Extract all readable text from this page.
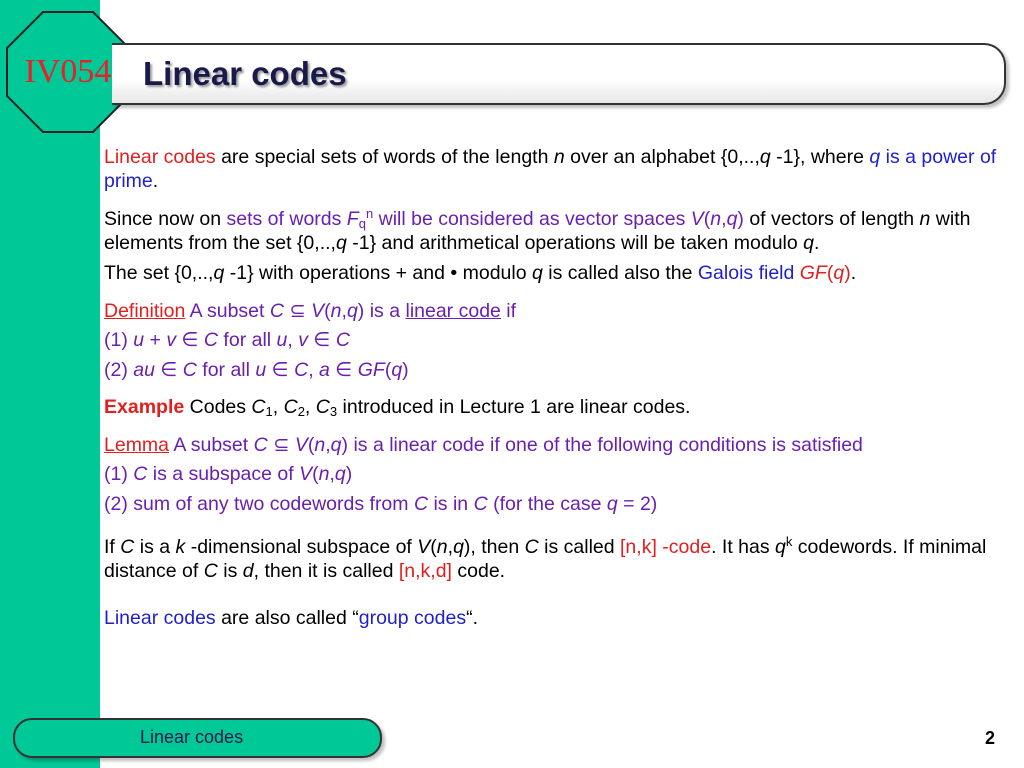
IV054 Linear codes

Linear codes are special sets of words of the length n over an alphabet {0,..,q -1}, where q is a power of prime.

Since now on sets of words $F_q^n$ will be considered as vector spaces V(n,q) of vectors of length n with elements from the set {0,..,q -1} and arithmetical operations will be taken modulo q.

The set {0,..,q -1} with operations + and • modulo q is called also the Galois field GF(q).

Definition A subset C ⊆ V(n,q) is a linear code if

(1) u + v ∈ C for all u, v ∈ C

(2) au ∈ C for all u ∈ C, a ∈ GF(q)

Example Codes $C_1$, $C_2$, $C_3$ introduced in Lecture 1 are linear codes.

Lemma A subset C ⊆ V(n,q) is a linear code if one of the following conditions is satisfied

(1) C is a subspace of V(n,q)

(2) sum of any two codewords from C is in C (for the case q = 2)

If C is a k -dimensional subspace of V(n,q), then C is called [n,k] -code. It has $q^k$ codewords. If minimal distance of C is d, then it is called [n,k,d] code.

Linear codes are also called “group codes“.

Linear codes	2
